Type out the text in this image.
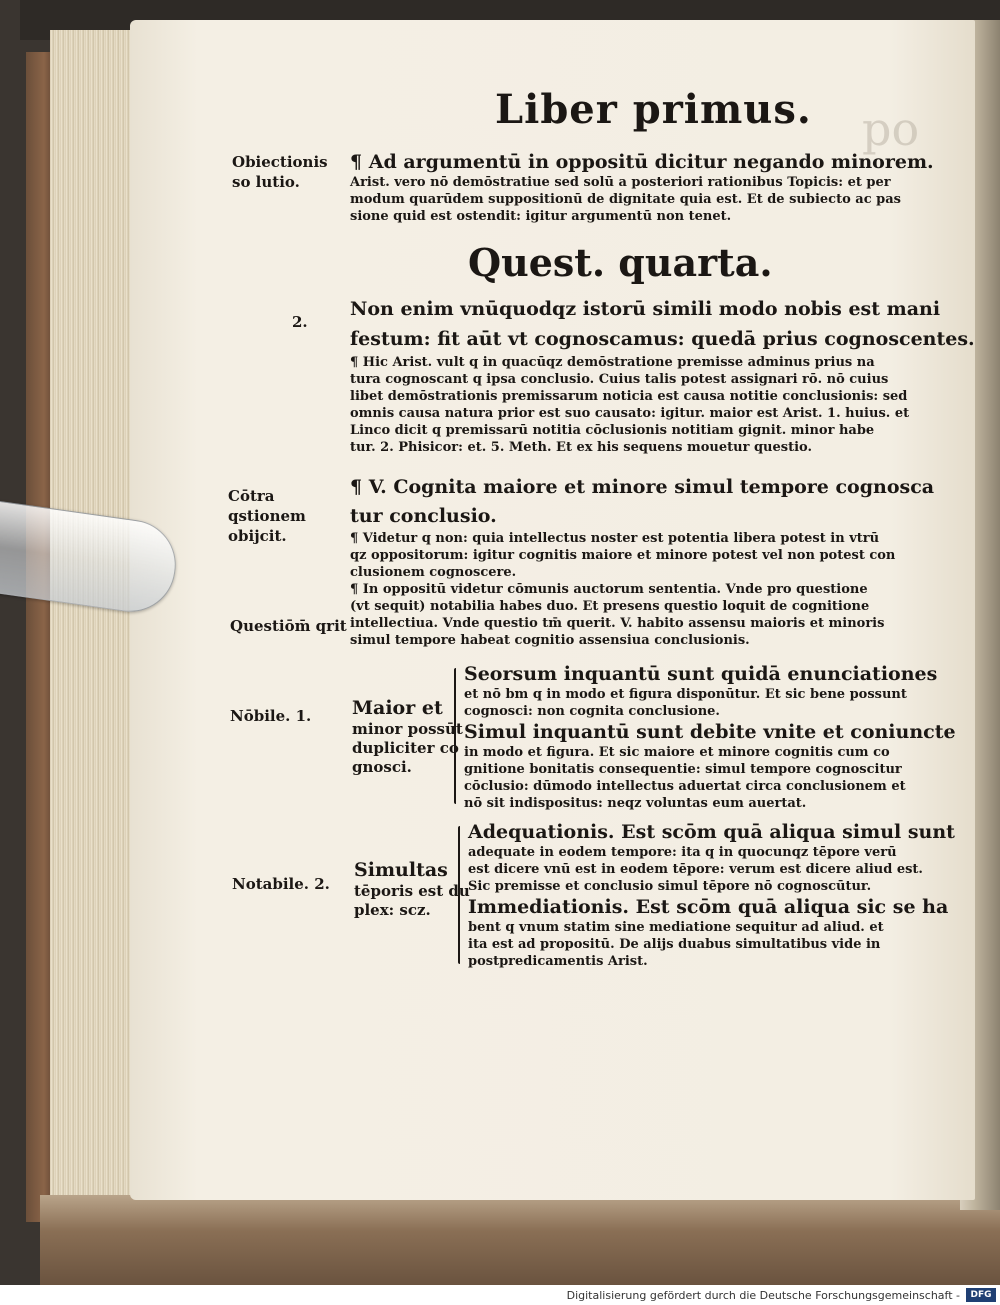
po
Liber primus.
Obiectionis so lutio.
¶ Ad argumentū in oppositū dicitur negando minorem.
Arist. vero nō demōstratiue sed solū a posteriori rationibus Topicis: et per
modum quarūdem suppositionū de dignitate quia est. Et de subiecto ac pas
sione quid est ostendit: igitur argumentū non tenet.
Quest. quarta.
2.
Non enim vnūquodqz istorū simili modo nobis est mani
festum: fit aūt vt cognoscamus: quedā prius cognoscentes.
¶ Hic Arist. vult q in quacūqz demōstratione premisse adminus prius na
tura cognoscant q ipsa conclusio. Cuius talis potest assignari rō. nō cuius
libet demōstrationis premissarum noticia est causa notitie conclusionis: sed
omnis causa natura prior est suo causato: igitur. maior est Arist. 1. huius. et
Linco dicit q premissarū notitia cōclusionis notitiam gignit. minor habe
tur. 2. Phisicor: et. 5. Meth. Et ex his sequens mouetur questio.
Cōtra qstionem obijcit.
¶ V. Cognita maiore et minore simul tempore cognosca
tur conclusio.
¶ Videtur q non: quia intellectus noster est potentia libera potest in vtrū
qz oppositorum: igitur cognitis maiore et minore potest vel non potest con
clusionem cognoscere.
¶ In oppositū videtur cōmunis auctorum sententia. Vnde pro questione
(vt sequit) notabilia habes duo. Et presens questio loquit de cognitione
intellectiua. Vnde questio tm̄ querit. V. habito assensu maioris et minoris
simul tempore habeat cognitio assensiua conclusionis.
Questiōm̄ qrit
Nōbile. 1. Maior et
minor possūt
dupliciter co
gnosci.
Seorsum inquantū sunt quidā enunciationes
et nō bm q in modo et figura disponūtur. Et sic bene possunt
cognosci: non cognita conclusione.
Simul inquantū sunt debite vnite et coniuncte
in modo et figura. Et sic maiore et minore cognitis cum co
gnitione bonitatis consequentie: simul tempore cognoscitur
cōclusio: dūmodo intellectus aduertat circa conclusionem et
nō sit indispositus: neqz voluntas eum auertat.
Notabile. 2.
Simultas
tēporis est du
plex: scz.
Adequationis. Est scōm quā aliqua simul sunt
adequate in eodem tempore: ita q in quocunqz tēpore verū
est dicere vnū est in eodem tēpore: verum est dicere aliud est.
Sic premisse et conclusio simul tēpore nō cognoscūtur.
Immediationis. Est scōm quā aliqua sic se ha
bent q vnum statim sine mediatione sequitur ad aliud. et
ita est ad propositū. De alijs duabus simultatibus vide in
postpredicamentis Arist.
Digitalisierung gefördert durch die Deutsche Forschungsgemeinschaft -	DFG
